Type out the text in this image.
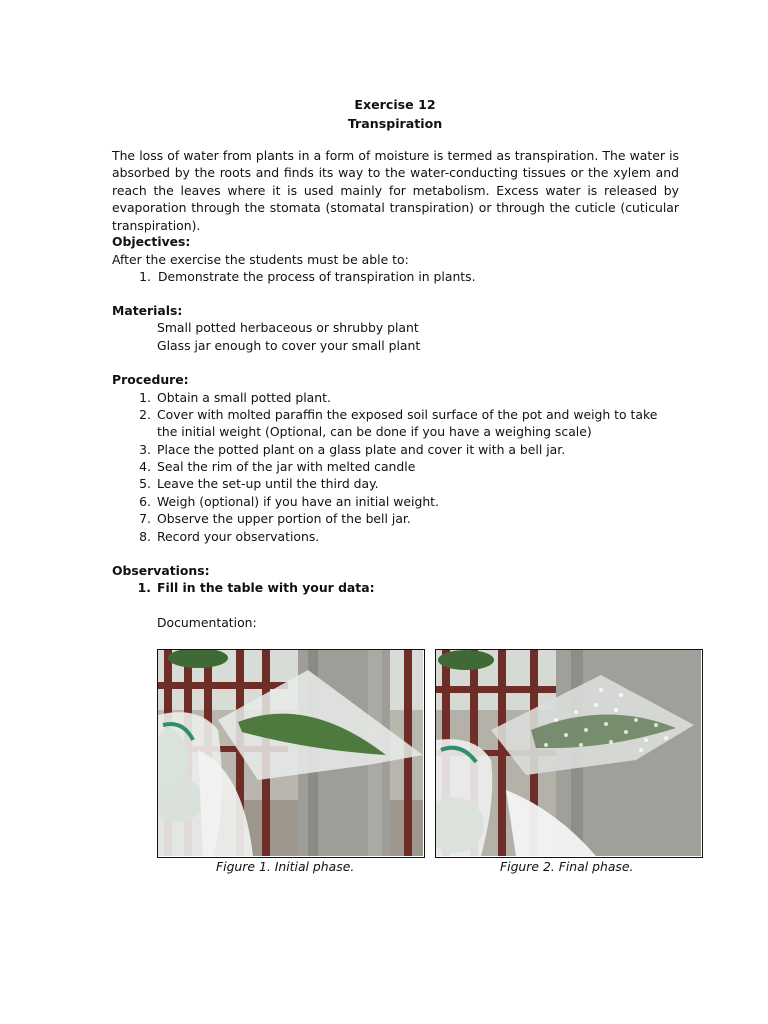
Exercise 12
Transpiration

The loss of water from plants in a form of moisture is termed as transpiration. The water is absorbed by the roots and finds its way to the water-conducting tissues or the xylem and reach the leaves where it is used mainly for metabolism. Excess water is released by evaporation through the stomata (stomatal transpiration) or through the cuticle (cuticular transpiration).

Objectives:
After the exercise the students must be able to:
1. Demonstrate the process of transpiration in plants.
Materials:
Small potted herbaceous or shrubby plant
Glass jar enough to cover your small plant
Procedure:
1. Obtain a small potted plant.
2. Cover with molted paraffin the exposed soil surface of the pot and weigh to take
the initial weight (Optional, can be done if you have a weighing scale)
3. Place the potted plant on a glass plate and cover it with a bell jar.
4. Seal the rim of the jar with melted candle
5. Leave the set-up until the third day.
6. Weigh (optional) if you have an initial weight.
7. Observe the upper portion of the bell jar.
8. Record your observations.
Observations:
1. Fill in the table with your data:
Documentation:
Figure 1. Initial phase.	Figure 2. Final phase.
